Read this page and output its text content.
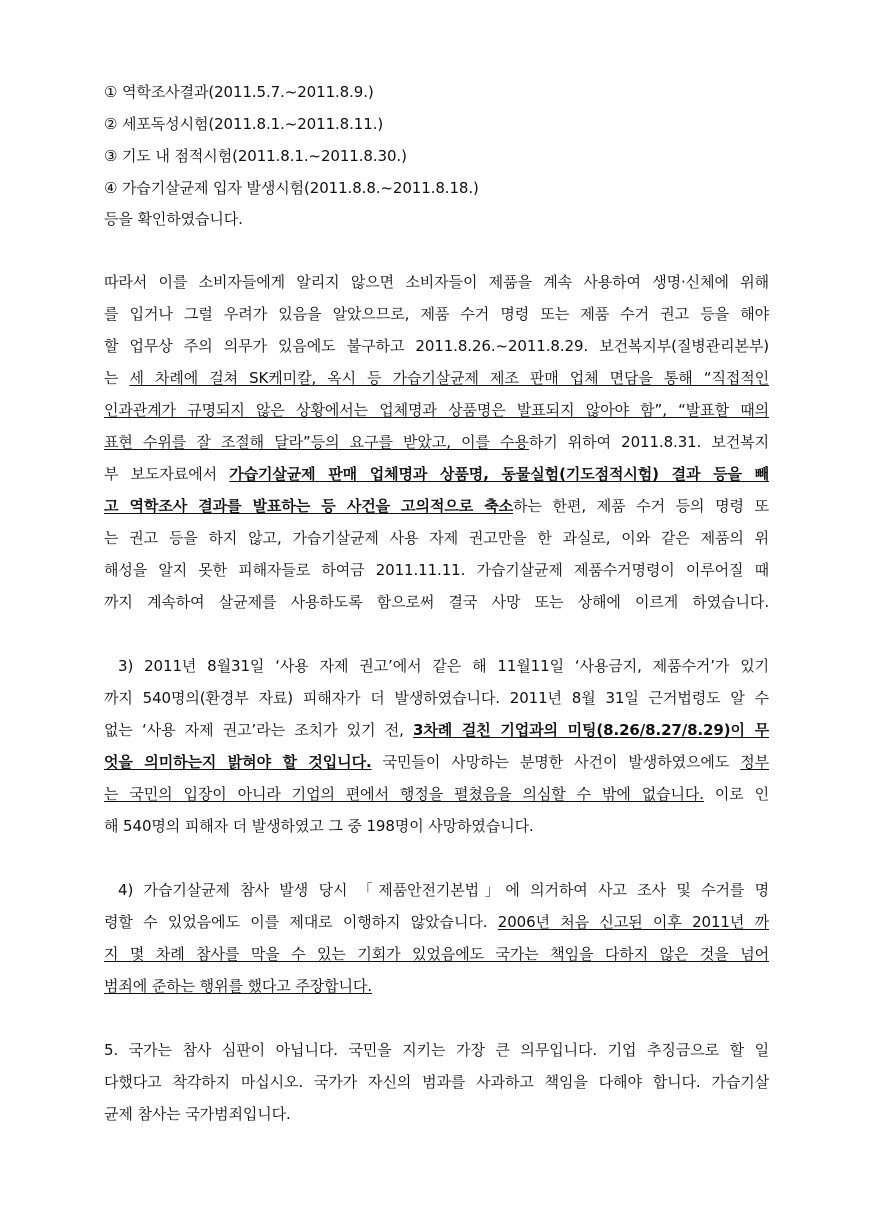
① 역학조사결과(2011.5.7.~2011.8.9.)
② 세포독성시험(2011.8.1.~2011.8.11.)
③ 기도 내 점적시험(2011.8.1.~2011.8.30.)
④ 가습기살균제 입자 발생시험(2011.8.8.~2011.8.18.)
등을 확인하였습니다.
따라서 이를 소비자들에게 알리지 않으면 소비자들이 제품을 계속 사용하여 생명·신체에 위해
를 입거나 그럴 우려가 있음을 알았으므로, 제품 수거 명령 또는 제품 수거 권고 등을 해야
할 업무상 주의 의무가 있음에도 불구하고 2011.8.26.~2011.8.29. 보건복지부(질병관리본부)
는 세 차례에 걸쳐 SK케미칼, 옥시 등 가습기살균제 제조 판매 업체 면담을 통해 “직접적인
인과관계가 규명되지 않은 상황에서는 업체명과 상품명은 발표되지 않아야 함”, “발표할 때의
표현 수위를 잘 조절해 달라”등의 요구를 받았고, 이를 수용하기 위하여 2011.8.31. 보건복지
부 보도자료에서 가습기살균제 판매 업체명과 상품명, 동물실험(기도점적시험) 결과 등을 빼
고 역학조사 결과를 발표하는 등 사건을 고의적으로 축소하는 한편, 제품 수거 등의 명령 또
는 권고 등을 하지 않고, 가습기살균제 사용 자제 권고만을 한 과실로, 이와 같은 제품의 위
해성을 알지 못한 피해자들로 하여금 2011.11.11. 가습기살균제 제품수거명령이 이루어질 때
까지 계속하여 살균제를 사용하도록 함으로써 결국 사망 또는 상해에 이르게 하였습니다.
3) 2011년 8월31일 ‘사용 자제 권고’에서 같은 해 11월11일 ‘사용금지, 제품수거’가 있기
까지 540명의(환경부 자료) 피해자가 더 발생하였습니다. 2011년 8월 31일 근거법령도 알 수
없는 ‘사용 자제 권고’라는 조치가 있기 전, 3차례 걸친 기업과의 미팅(8.26/8.27/8.29)이 무
엇을 의미하는지 밝혀야 할 것입니다. 국민들이 사망하는 분명한 사건이 발생하였으에도 정부
는 국민의 입장이 아니라 기업의 편에서 행정을 펼쳤음을 의심할 수 밖에 없습니다. 이로 인
해 540명의 피해자 더 발생하였고 그 중 198명이 사망하였습니다.
4) 가습기살균제 참사 발생 당시 「제품안전기본법」에 의거하여 사고 조사 및 수거를 명
령할 수 있었음에도 이를 제대로 이행하지 않았습니다. 2006년 처음 신고된 이후 2011년 까
지 몇 차례 참사를 막을 수 있는 기회가 있었음에도 국가는 책임을 다하지 않은 것을 넘어
범죄에 준하는 행위를 했다고 주장합니다.
5. 국가는 참사 심판이 아닙니다. 국민을 지키는 가장 큰 의무입니다. 기업 추징금으로 할 일
다했다고 착각하지 마십시오. 국가가 자신의 범과를 사과하고 책임을 다해야 합니다. 가습기살
균제 참사는 국가범죄입니다.
